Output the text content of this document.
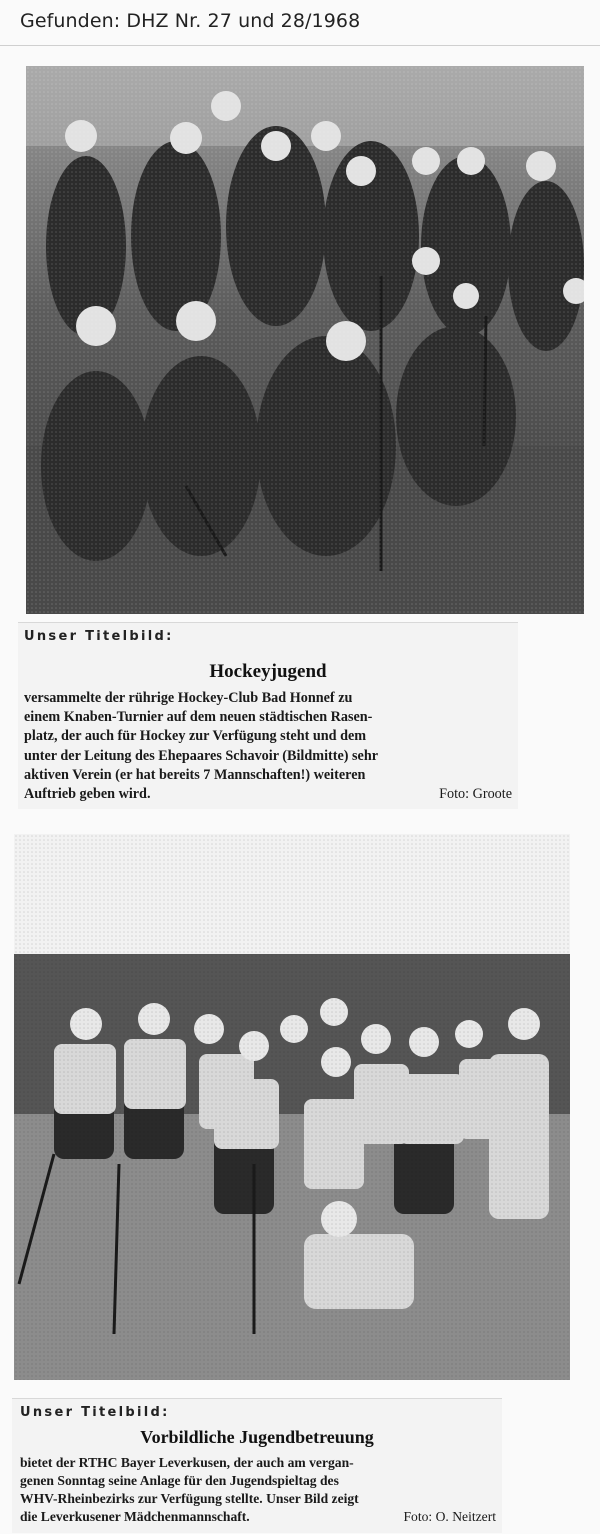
Gefunden: DHZ Nr. 27 und 28/1968
Unser Titelbild:
Hockeyjugend
versammelte der rührige Hockey-Club Bad Honnef zu
einem Knaben-Turnier auf dem neuen städtischen Rasen-
platz, der auch für Hockey zur Verfügung steht und dem
unter der Leitung des Ehepaares Schavoir (Bildmitte) sehr
aktiven Verein (er hat bereits 7 Mannschaften!) weiteren
Auftrieb geben wird.	Foto: Groote
Unser Titelbild:
Vorbildliche Jugendbetreuung
bietet der RTHC Bayer Leverkusen, der auch am vergan-
genen Sonntag seine Anlage für den Jugendspieltag des
WHV-Rheinbezirks zur Verfügung stellte. Unser Bild zeigt
die Leverkusener Mädchenmannschaft.	Foto: O. Neitzert
